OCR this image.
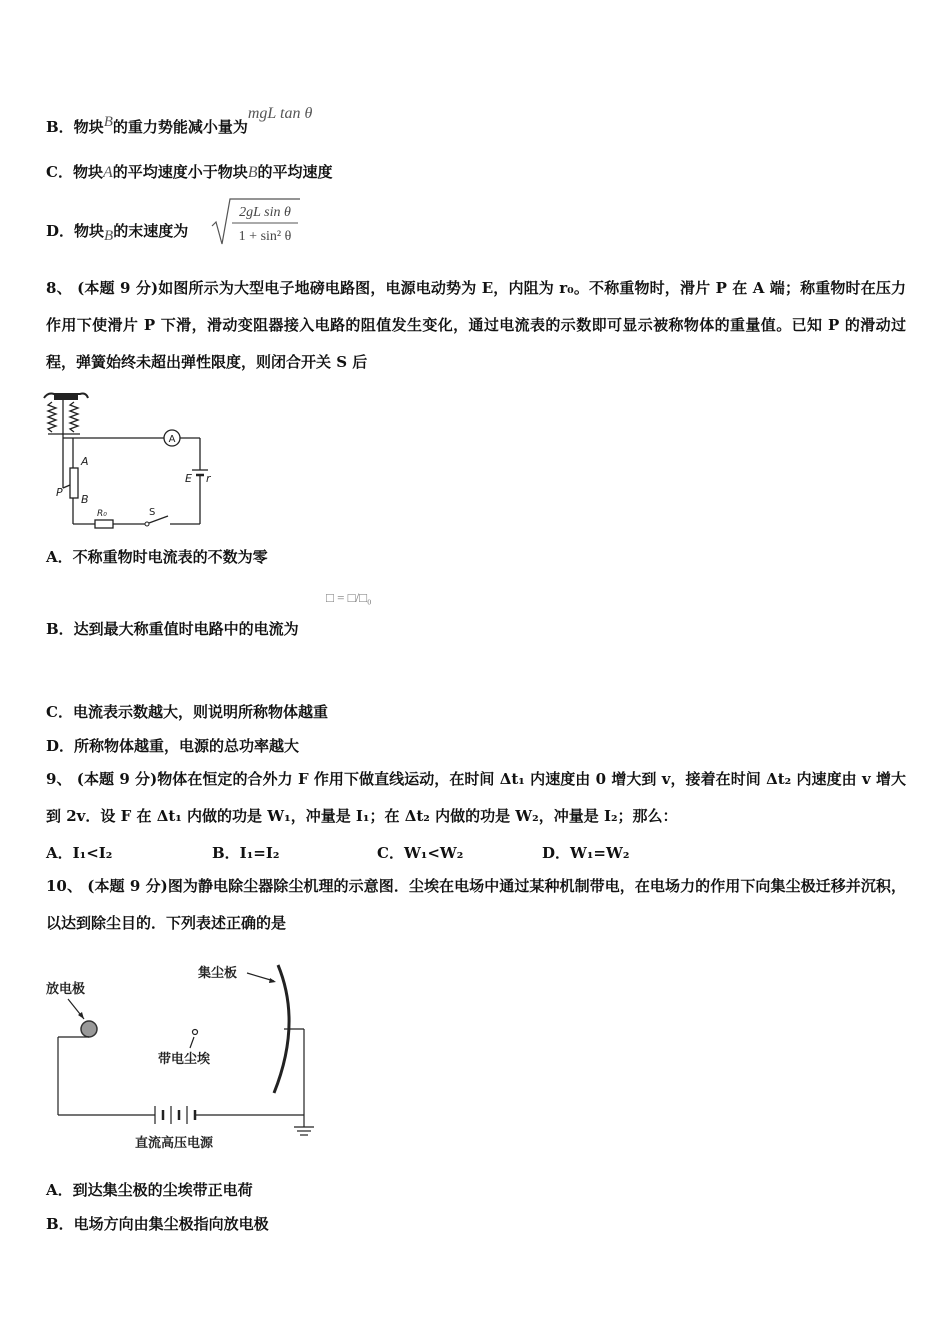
B．物块$^B$的重力势能减小量为mgL tan θ
C．物块A的平均速度小于物块B的平均速度
D．物块$_B$的末速度为
2gL sin θ
1 + sin² θ
8、 (本题 9 分)如图所示为大型电子地磅电路图，电源电动势为 E，内阻为 r₀。不称重物时，滑片 P 在 A 端；称重物时在压力作用下使滑片 P 下滑，滑动变阻器接入电路的阻值发生变化，通过电流表的示数即可显示被称物体的重量值。已知 P 的滑动过程，弹簧始终未超出弹性限度，则闭合开关 S 后
A
E r
A
B
P
R₀	S
A．不称重物时电流表的不数为零
B．达到最大称重值时电路中的电流为
□ = □/□₀
C．电流表示数越大，则说明所称物体越重
D．所称物体越重，电源的总功率越大
9、 (本题 9 分)物体在恒定的合外力 F 作用下做直线运动，在时间 Δt₁ 内速度由 0 增大到 v，接着在时间 Δt₂ 内速度由 v 增大到 2v．设 F 在 Δt₁ 内做的功是 W₁，冲量是 I₁；在 Δt₂ 内做的功是 W₂，冲量是 I₂；那么：
A．I₁<I₂	B．I₁=I₂	C．W₁<W₂	D．W₁=W₂
10、 (本题 9 分)图为静电除尘器除尘机理的示意图．尘埃在电场中通过某种机制带电，在电场力的作用下向集尘极迁移并沉积，以达到除尘目的．下列表述正确的是
放电极
集尘板
带电尘埃
直流高压电源
A．到达集尘极的尘埃带正电荷
B．电场方向由集尘极指向放电极
